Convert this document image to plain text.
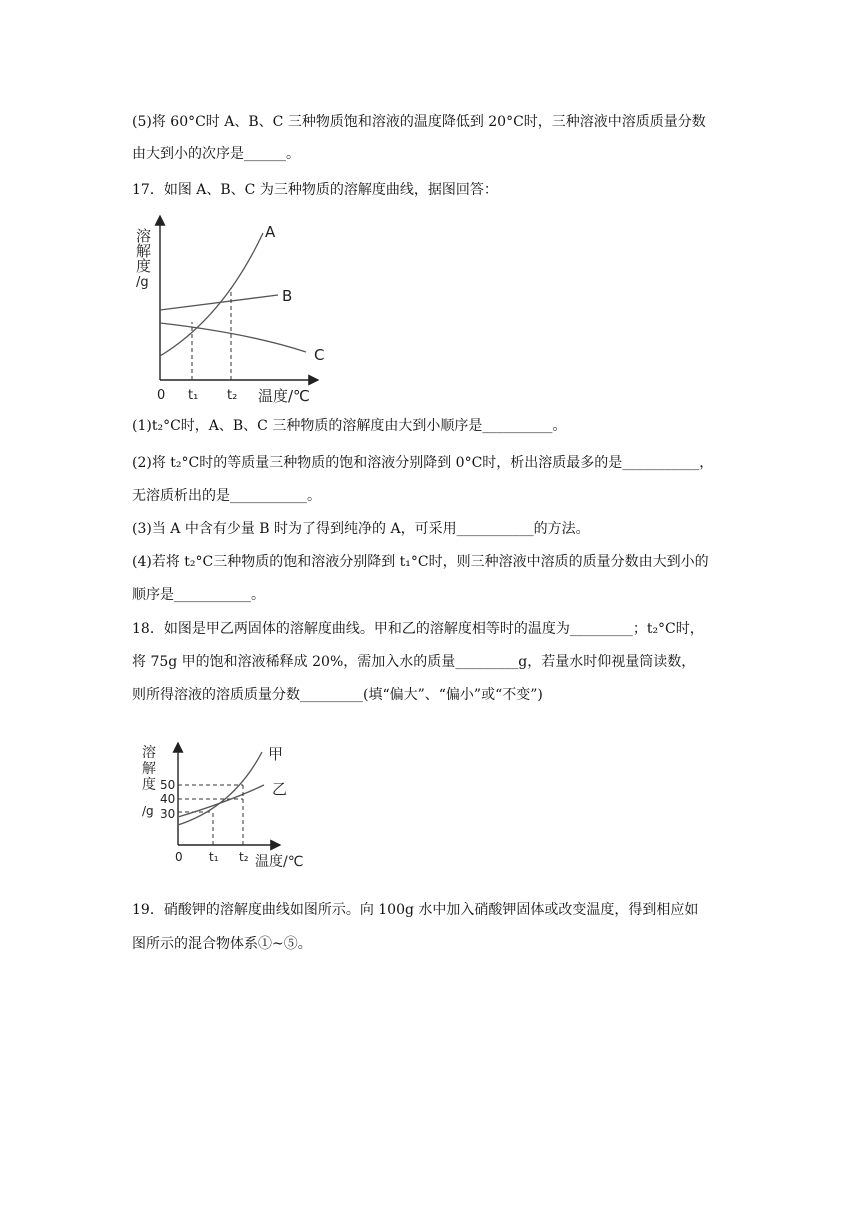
(5)将 60°C时 A、B、C 三种物质饱和溶液的温度降低到 20°C时，三种溶液中溶质质量分数
由大到小的次序是______。
17．如图 A、B、C 为三种物质的溶解度曲线，据图回答：
溶
解
度
/g
A
B
C
0 t₁ t₂ 温度/℃
(1)t₂°C时，A、B、C 三种物质的溶解度由大到小顺序是__________。
(2)将 t₂°C时的等质量三种物质的饱和溶液分别降到 0°C时，析出溶质最多的是___________，
无溶质析出的是___________。
(3)当 A 中含有少量 B 时为了得到纯净的 A，可采用___________的方法。
(4)若将 t₂°C三种物质的饱和溶液分别降到 t₁°C时，则三种溶液中溶质的质量分数由大到小的
顺序是___________。
18．如图是甲乙两固体的溶解度曲线。甲和乙的溶解度相等时的温度为_________；t₂°C时，
将 75g 甲的饱和溶液稀释成 20%，需加入水的质量_________g，若量水时仰视量筒读数，
则所得溶液的溶质质量分数_________(填“偏大”、“偏小”或“不变”)
溶
解
度
/g
50
40
30
甲
乙
0 t₁ t₂ 温度/℃
19．硝酸钾的溶解度曲线如图所示。向 100g 水中加入硝酸钾固体或改变温度，得到相应如
图所示的混合物体系①~⑤。
